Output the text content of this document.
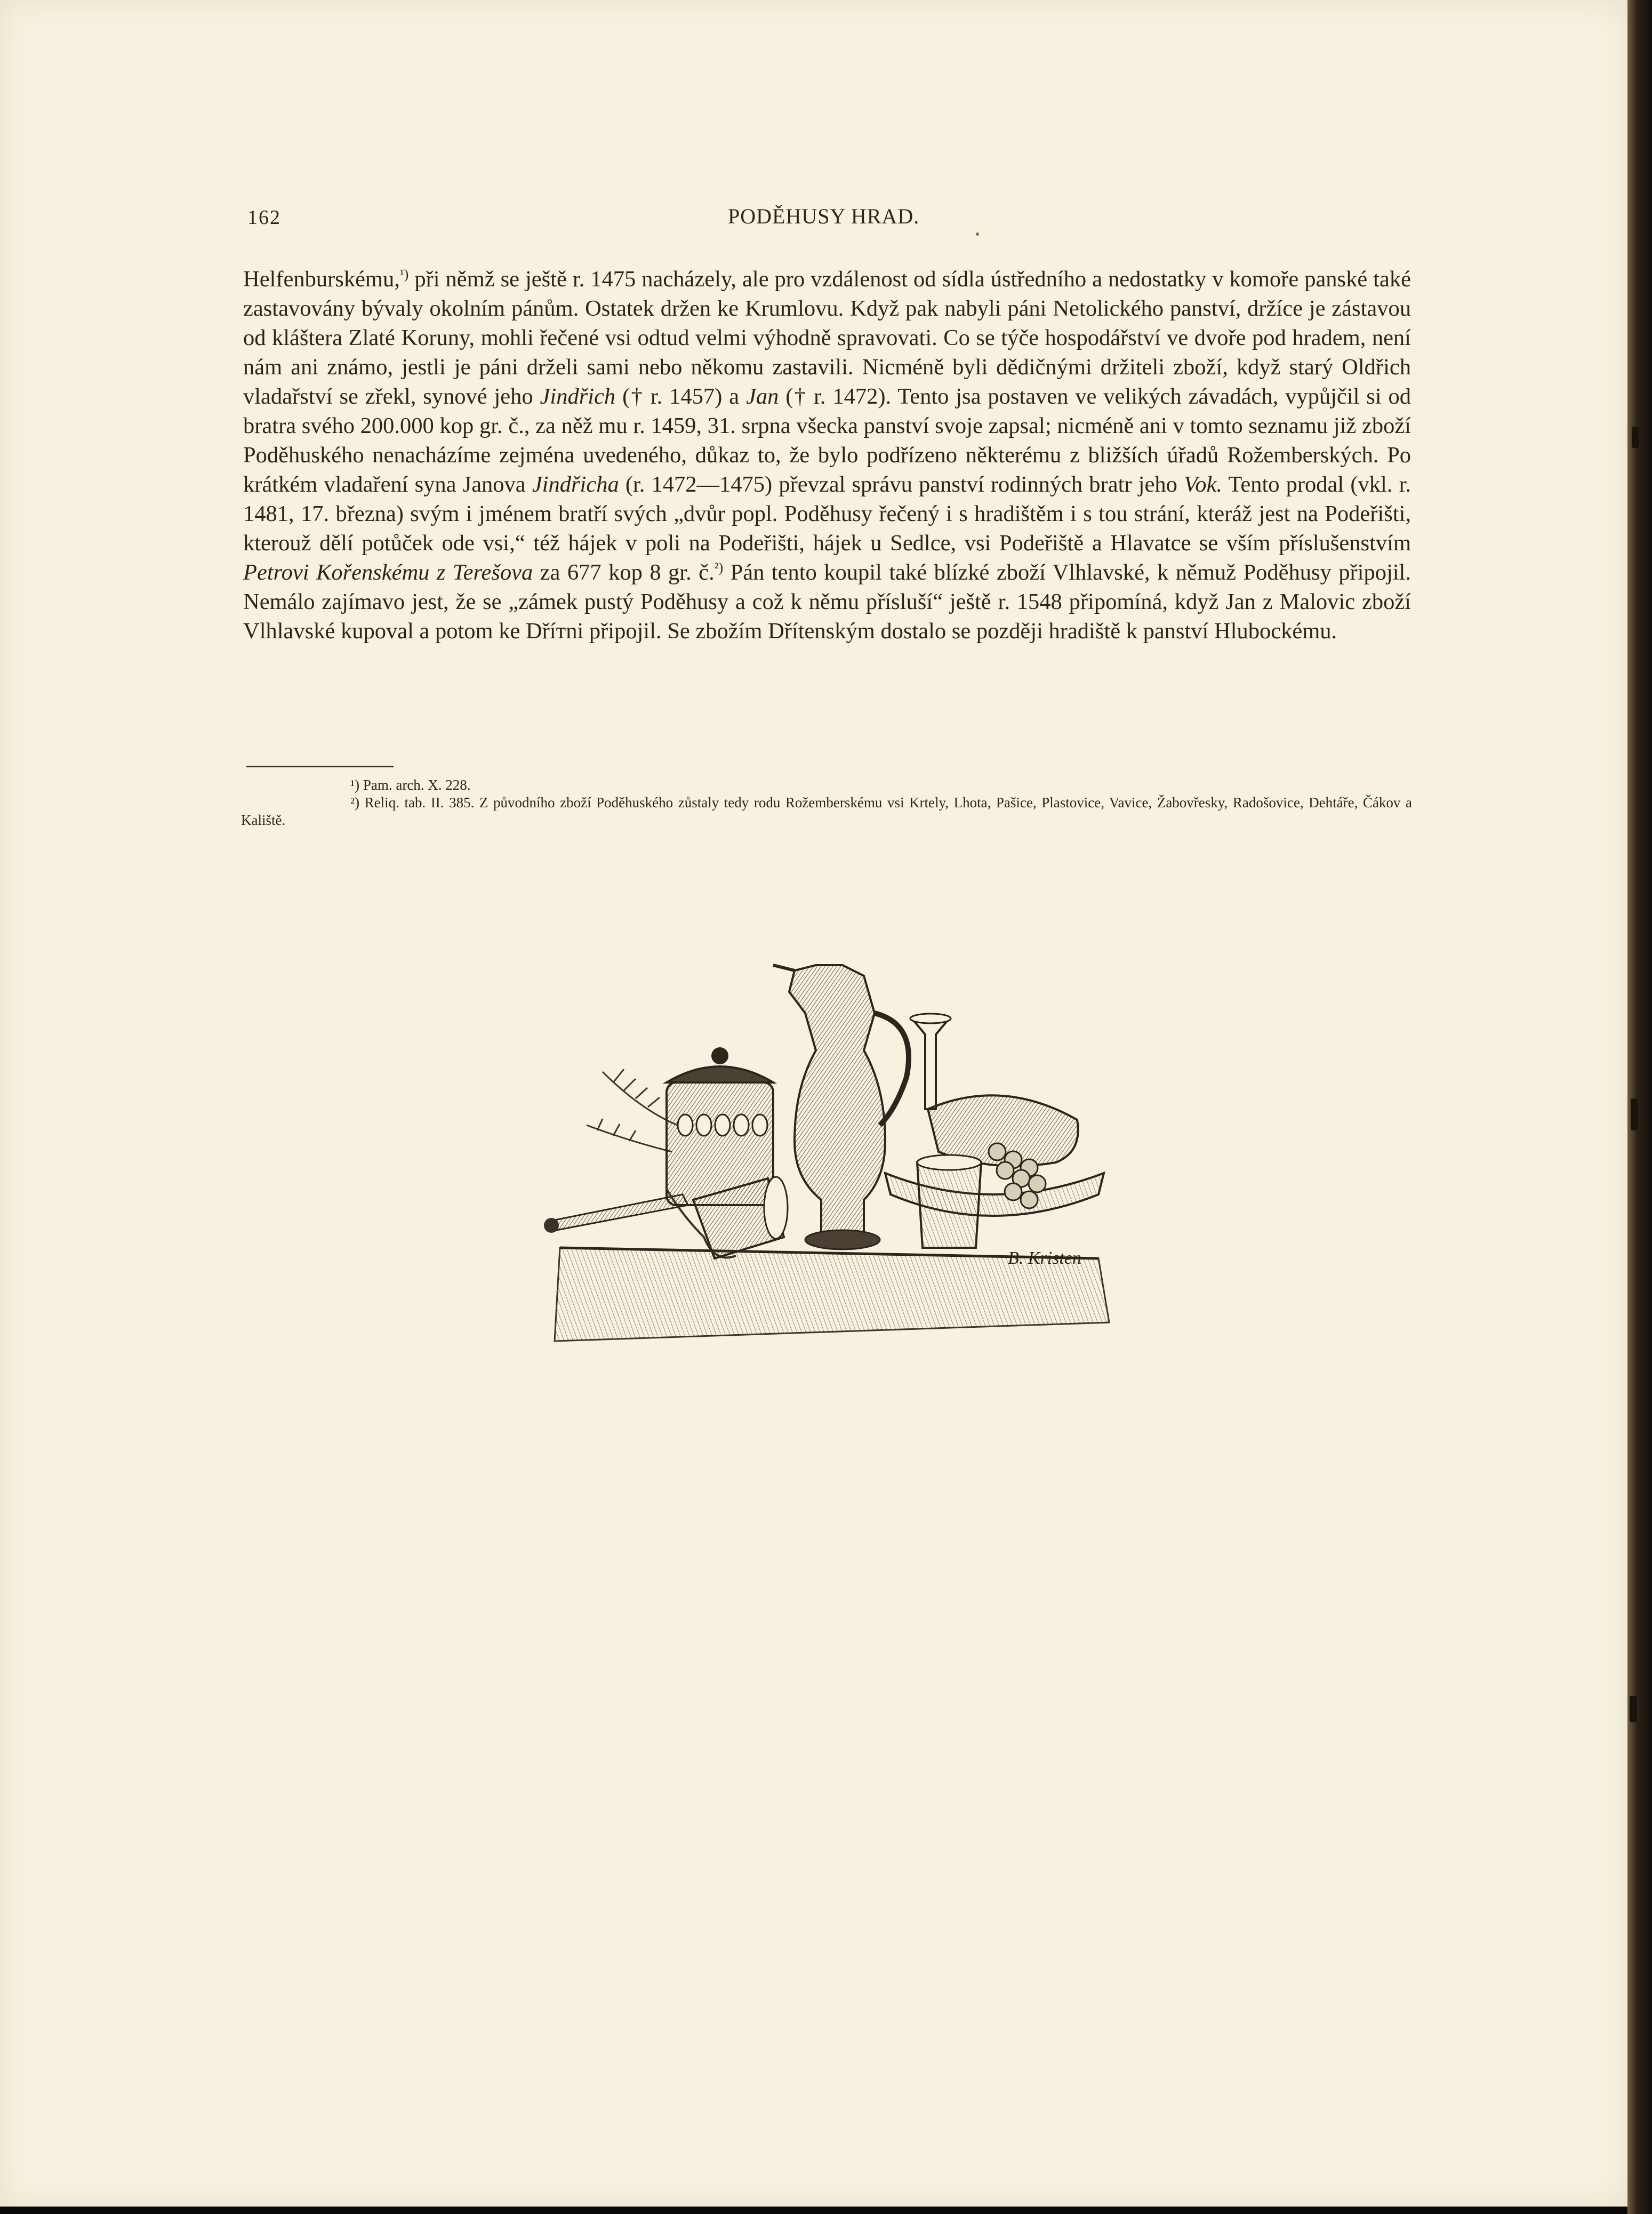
162	PODĚHUSY HRAD.

Helfenburskému,$^{^1)}$ při němž se ještě r. 1475 nacházely, ale pro vzdálenost od sídla ústředního a nedostatky v komoře panské také zastavovány bývaly okolním pánům. Ostatek držen ke Krumlovu. Když pak nabyli páni Netolického panství, držíce je zástavou od kláštera Zlaté Koruny, mohli řečené vsi odtud velmi výhodně spravovati. Co se týče hospodářství ve dvoře pod hradem, není nám ani známo, jestli je páni drželi sami nebo někomu zastavili. Nicméně byli dědičnými držiteli zboží, když starý Oldřich vladařství se zřekl, synové jeho Jindřich († r. 1457) a Jan († r. 1472). Tento jsa postaven ve velikých závadách, vypůjčil si od bratra svého 200.000 kop gr. č., za něž mu r. 1459, 31. srpna všecka panství svoje zapsal; nicméně ani v tomto seznamu již zboží Poděhuského nenacházíme zejména uvedeného, důkaz to, že bylo podřízeno některému z bližších úřadů Rožemberských. Po krátkém vladaření syna Janova Jindřicha (r. 1472—1475) převzal správu panství rodinných bratr jeho Vok. Tento prodal (vkl. r. 1481, 17. března) svým i jménem bratří svých „dvůr popl. Poděhusy řečený i s hradištěm i s tou strání, kteráž jest na Podeřišti, kterouž dělí potůček ode vsi,“ též hájek v poli na Podeřišti, hájek u Sedlce, vsi Podeřiště a Hlavatce se vším příslušenstvím Petrovi Kořenskému z Terešova za 677 kop 8 gr. č.$^{^2)}$ Pán tento koupil také blízké zboží Vlhlavské, k němuž Poděhusy připojil. Nemálo zajímavo jest, že se „zámek pustý Poděhusy a což k němu přísluší“ ještě r. 1548 připomíná, když Jan z Malovic zboží Vlhlavské kupoval a potom ke Dříтni připojil. Se zbožím Dřítenským dostalo se později hradiště k panství Hlubockému.

¹) Pam. arch. X. 228.

²) Reliq. tab. II. 385. Z původního zboží Poděhuského zůstaly tedy rodu Rožemberskému vsi Krtely, Lhota, Pašice, Plastovice, Vavice, Žabovřesky, Radošovice, Dehtáře, Čákov a Kaliště.

B. Kristen
